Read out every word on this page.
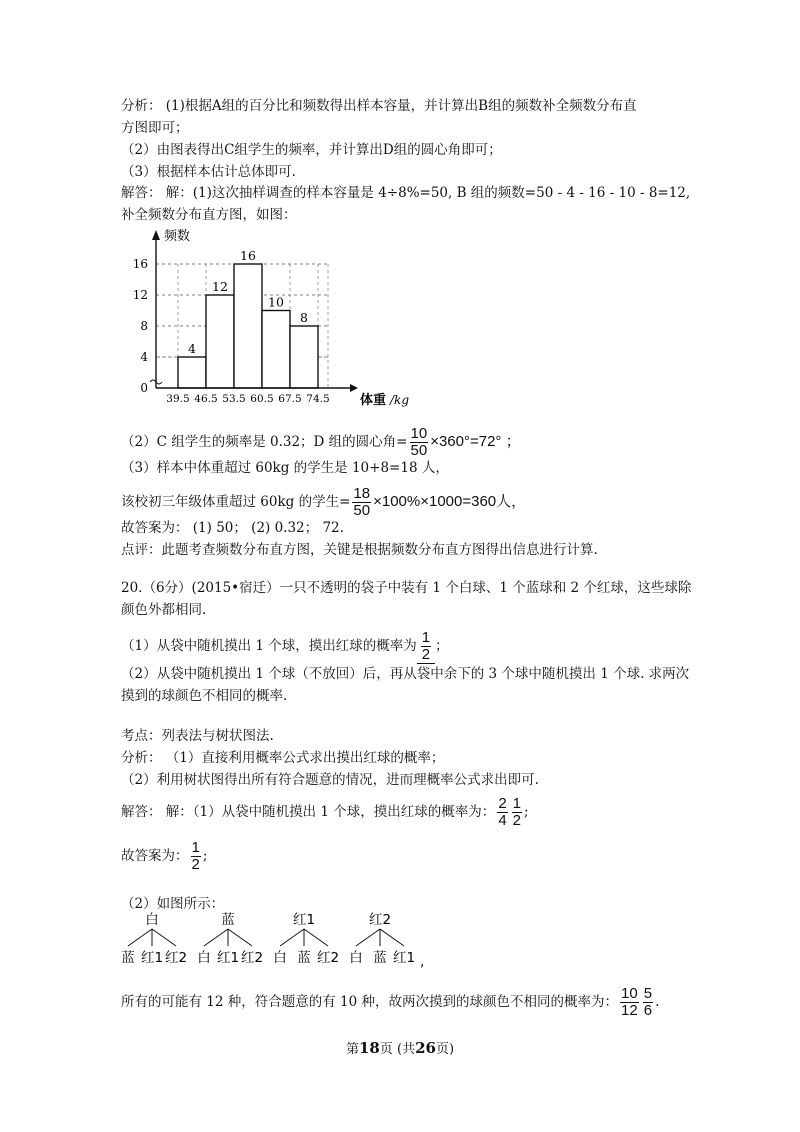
分析： (1)根据A组的百分比和频数得出样本容量，并计算出B组的频数补全频数分布直
方图即可；
（2）由图表得出C组学生的频率，并计算出D组的圆心角即可；
（3）根据样本估计总体即可.
解答： 解：(1)这次抽样调查的样本容量是 4÷8%=50, B 组的频数=50 - 4 - 16 - 10 - 8=12,
补全频数分布直方图，如图：
频数
体重 /kg
0
4
8
12
16
39.5 46.5 53.5 60.5 67.5 74.5
4
12
16
10
8
（2）C 组学生的频率是 0.32；D 组的圆心角= $\frac{10}{50} \times 360^\circ=72^\circ$ ；
（3）样本中体重超过 60kg 的学生是 10+8=18 人，
该校初三年级体重超过 60kg 的学生= $\frac{18}{50} \times 100\%\times 1000=360$人，
故答案为： (1) 50； (2) 0.32； 72.
点评：此题考查频数分布直方图，关键是根据频数分布直方图得出信息进行计算.
20.（6分）(2015•宿迁）一只不透明的袋子中装有 1 个白球、1 个蓝球和 2 个红球，这些球除
颜色外都相同.
（1）从袋中随机摸出 1 个球，摸出红球的概率为 $\frac{1}{2}$ ；
（2）从袋中随机摸出 1 个球（不放回）后，再从袋中余下的 3 个球中随机摸出 1 个球. 求两次
摸到的球颜色不相同的概率.
考点：列表法与树状图法.
分析： （1）直接利用概率公式求出摸出红球的概率；
（2）利用树状图得出所有符合题意的情况，进而理概率公式求出即可.
解答： 解：（1）从袋中随机摸出 1 个球，摸出红球的概率为： $\frac{2}{4} \frac{1}{2}$ ;
故答案为： $\frac{1}{2}$ ;
（2）如图所示：
白
蓝 红1 红2
蓝
白 红1 红2
红1
白 蓝 红2
红2
白 蓝 红1 ,
所有的可能有 12 种，符合题意的有 10 种，故两次摸到的球颜色不相同的概率为： $\frac{10}{12} \frac{5}{6}$ .
第18页 (共26页)
